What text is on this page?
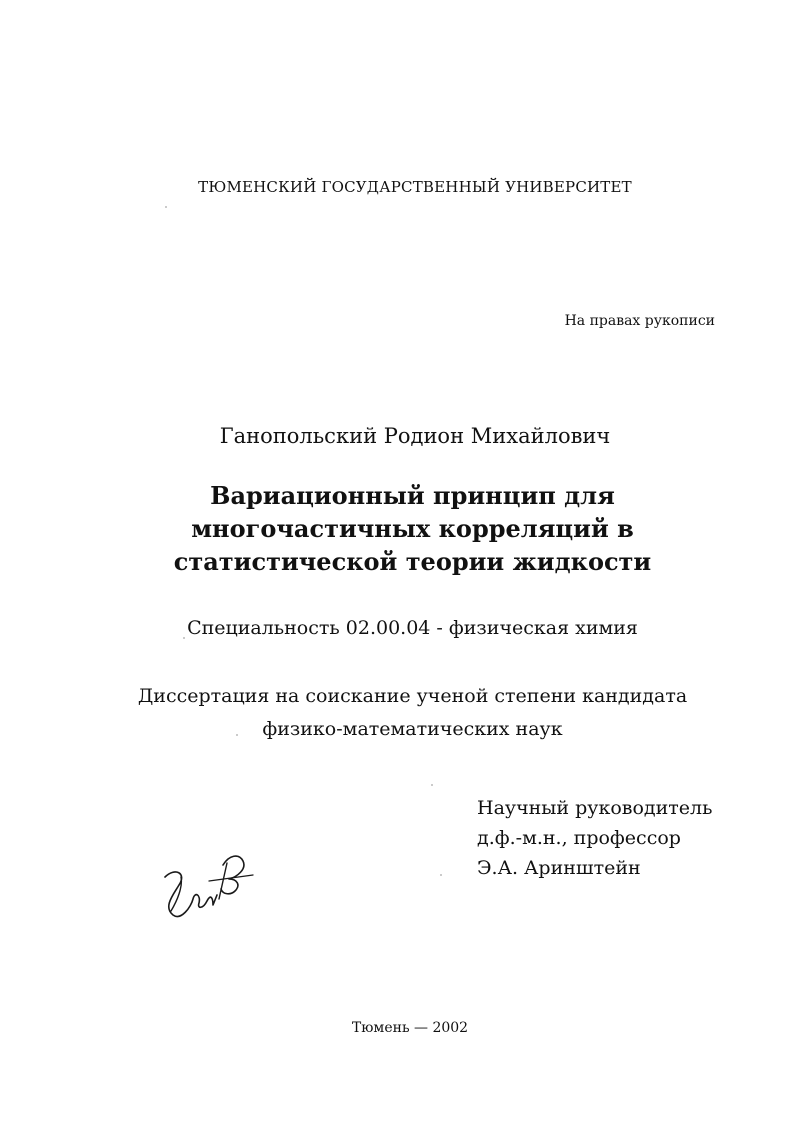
ТЮМЕНСКИЙ ГОСУДАРСТВЕННЫЙ УНИВЕРСИТЕТ

На правах рукописи

Ганопольский Родион Михайлович

Вариационный принцип для

многочастичных корреляций в

статистической теории жидкости

Специальность 02.00.04 - физическая химия

Диссертация на соискание ученой степени кандидата
физико-математических наук
Научный руководитель
д.ф.-м.н., профессор
Э.А. Аринштейн

Тюмень — 2002
